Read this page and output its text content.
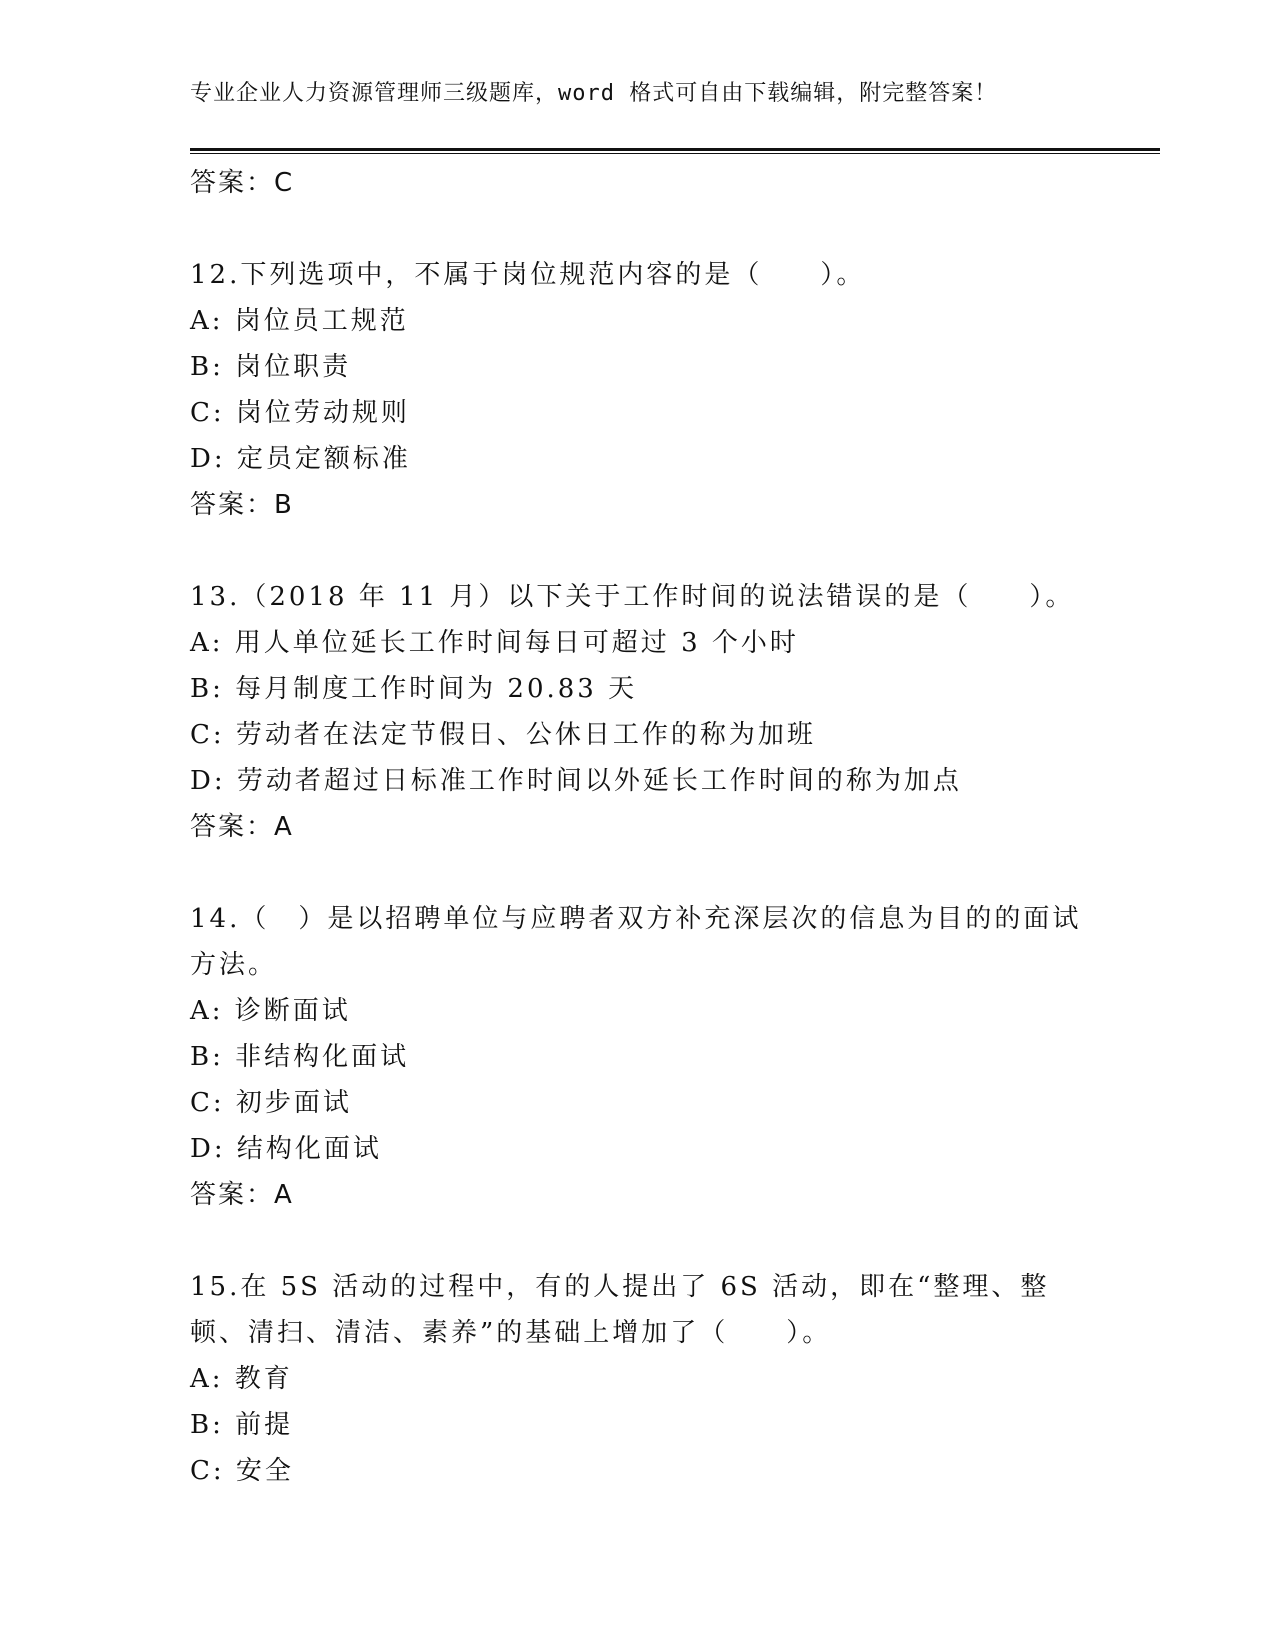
专业企业人力资源管理师三级题库，word 格式可自由下载编辑，附完整答案！
答案：C
12.下列选项中，不属于岗位规范内容的是（　　）。
A: 岗位员工规范
B: 岗位职责
C: 岗位劳动规则
D: 定员定额标准
答案：B
13.（2018 年 11 月）以下关于工作时间的说法错误的是（　　）。
A: 用人单位延长工作时间每日可超过 3 个小时
B: 每月制度工作时间为 20.83 天
C: 劳动者在法定节假日、公休日工作的称为加班
D: 劳动者超过日标准工作时间以外延长工作时间的称为加点
答案：A
14.（　）是以招聘单位与应聘者双方补充深层次的信息为目的的面试方法。
A: 诊断面试
B: 非结构化面试
C: 初步面试
D: 结构化面试
答案：A
15.在 5S 活动的过程中，有的人提出了 6S 活动，即在“整理、整顿、清扫、清洁、素养”的基础上增加了（　　）。
A: 教育
B: 前提
C: 安全
